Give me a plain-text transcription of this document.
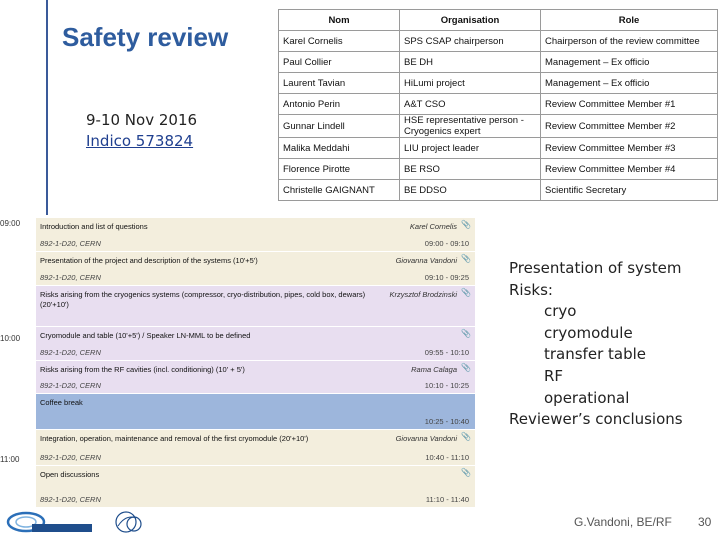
Safety review
9-10 Nov 2016
Indico 573824
Nom	Organisation	Role
Karel Cornelis	SPS CSAP chairperson	Chairperson of the review committee
Paul Collier	BE DH	Management – Ex officio
Laurent Tavian	HiLumi project	Management – Ex officio
Antonio Perin	A&T CSO	Review Committee Member #1
Gunnar Lindell	HSE representative person - Cryogenics expert	Review Committee Member #2
Malika Meddahi	LIU project leader	Review Committee Member #3
Florence Pirotte	BE RSO	Review Committee Member #4
Christelle GAIGNANT	BE DDSO	Scientific Secretary
09:00
10:00
11:00
Introduction and list of questions	Karel Cornelis 📎
892-1-D20, CERN	09:00 - 09:10
Presentation of the project and description of the systems (10'+5')	Giovanna Vandoni 📎
892-1-D20, CERN	09:10 - 09:25
Risks arising from the cryogenics systems (compressor, cryo-distribution, pipes, cold box, dewars) (20'+10')
Krzysztof Brodzinski 📎
Cryomodule and table (10'+5') / Speaker LN-MML to be defined	📎
892-1-D20, CERN	09:55 - 10:10
Risks arising from the RF cavities (incl. conditioning) (10' + 5')	Rama Calaga 📎
892-1-D20, CERN	10:10 - 10:25
Coffee break
10:25 - 10:40
Integration, operation, maintenance and removal of the first cryomodule (20'+10')	Giovanna Vandoni 📎
892-1-D20, CERN	10:40 - 11:10
Open discussions	📎
892-1-D20, CERN	11:10 - 11:40
Presentation of system
Risks:
cryo
cryomodule
transfer table
RF
operational
Reviewer’s conclusions
G.Vandoni, BE/RF 30
